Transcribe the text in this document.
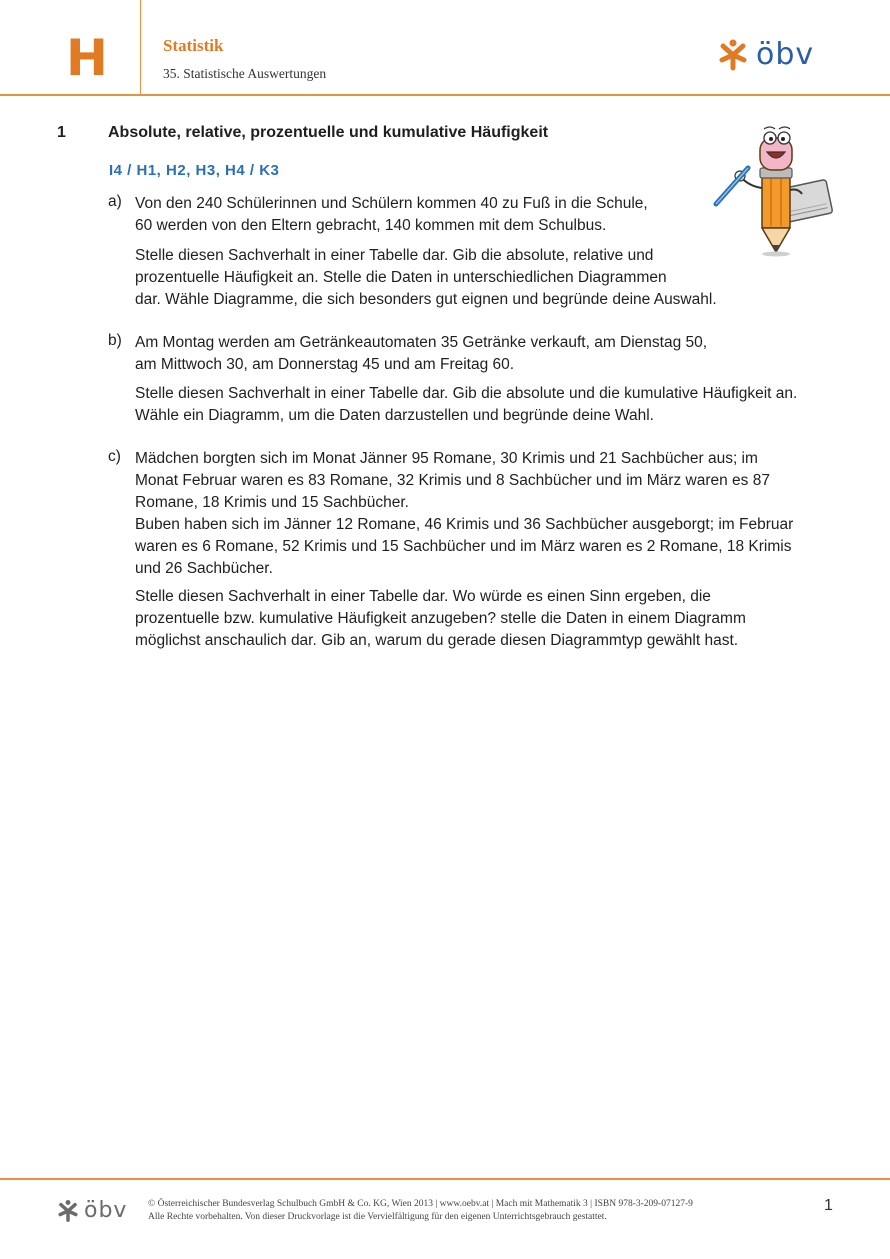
H	Statistik
35. Statistische Auswertungen
öbv
1	Absolute, relative, prozentuelle und kumulative Häufigkeit
I4 / H1, H2, H3, H4 / K3
a) Von den 240 Schülerinnen und Schülern kommen 40 zu Fuß in die Schule,
60 werden von den Eltern gebracht, 140 kommen mit dem Schulbus.

Stelle diesen Sachverhalt in einer Tabelle dar. Gib die absolute, relative und
prozentuelle Häufigkeit an. Stelle die Daten in unterschiedlichen Diagrammen
dar. Wähle Diagramme, die sich besonders gut eignen und begründe deine Auswahl.

b) Am Montag werden am Getränkeautomaten 35 Getränke verkauft, am Dienstag 50,
am Mittwoch 30, am Donnerstag 45 und am Freitag 60.

Stelle diesen Sachverhalt in einer Tabelle dar. Gib die absolute und die kumulative Häufigkeit an.
Wähle ein Diagramm, um die Daten darzustellen und begründe deine Wahl.

c) Mädchen borgten sich im Monat Jänner 95 Romane, 30 Krimis und 21 Sachbücher aus; im
Monat Februar waren es 83 Romane, 32 Krimis und 8 Sachbücher und im März waren es 87
Romane, 18 Krimis und 15 Sachbücher.
Buben haben sich im Jänner 12 Romane, 46 Krimis und 36 Sachbücher ausgeborgt; im Februar
waren es 6 Romane, 52 Krimis und 15 Sachbücher und im März waren es 2 Romane, 18 Krimis
und 26 Sachbücher.

Stelle diesen Sachverhalt in einer Tabelle dar. Wo würde es einen Sinn ergeben, die
prozentuelle bzw. kumulative Häufigkeit anzugeben? stelle die Daten in einem Diagramm
möglichst anschaulich dar. Gib an, warum du gerade diesen Diagrammtyp gewählt hast.

öbv © Österreichischer Bundesverlag Schulbuch GmbH & Co. KG, Wien 2013 | www.oebv.at | Mach mit Mathematik 3 | ISBN 978-3-209-07127-9
Alle Rechte vorbehalten. Von dieser Druckvorlage ist die Vervielfältigung für den eigenen Unterrichtsgebrauch gestattet.
1
